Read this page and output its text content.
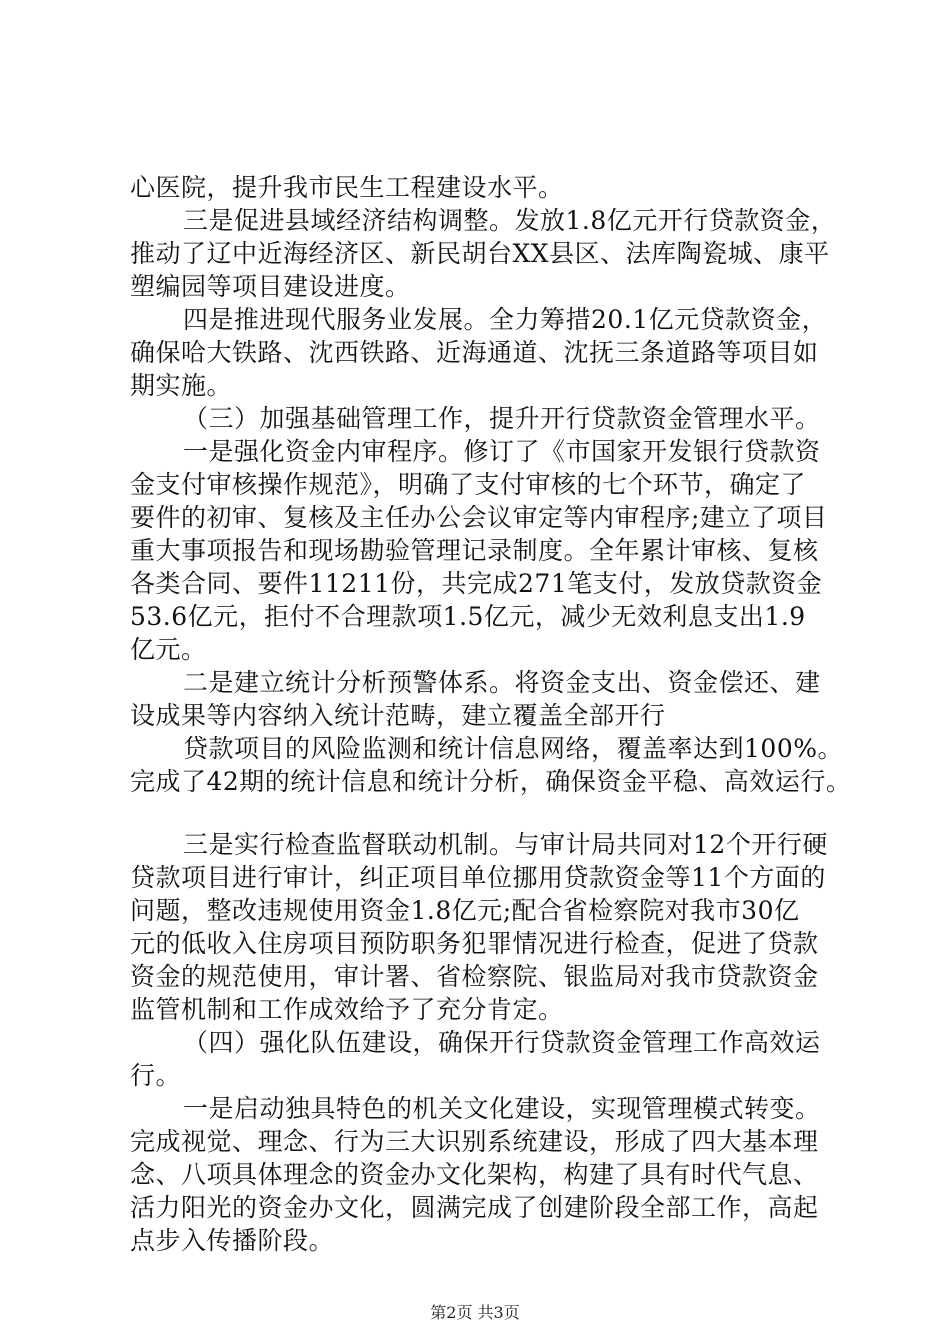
心医院，提升我市民生工程建设水平。
三是促进县域经济结构调整。发放1.8亿元开行贷款资金，
推动了辽中近海经济区、新民胡台XX县区、法库陶瓷城、康平
塑编园等项目建设进度。
四是推进现代服务业发展。全力筹措20.1亿元贷款资金，
确保哈大铁路、沈西铁路、近海通道、沈抚三条道路等项目如
期实施。
（三）加强基础管理工作，提升开行贷款资金管理水平。
一是强化资金内审程序。修订了《市国家开发银行贷款资
金支付审核操作规范》，明确了支付审核的七个环节，确定了
要件的初审、复核及主任办公会议审定等内审程序;建立了项目
重大事项报告和现场勘验管理记录制度。全年累计审核、复核
各类合同、要件11211份，共完成271笔支付，发放贷款资金
53.6亿元，拒付不合理款项1.5亿元，减少无效利息支出1.9
亿元。
二是建立统计分析预警体系。将资金支出、资金偿还、建
设成果等内容纳入统计范畴，建立覆盖全部开行
贷款项目的风险监测和统计信息网络，覆盖率达到100%。
完成了42期的统计信息和统计分析，确保资金平稳、高效运行。
三是实行检查监督联动机制。与审计局共同对12个开行硬
贷款项目进行审计，纠正项目单位挪用贷款资金等11个方面的
问题，整改违规使用资金1.8亿元;配合省检察院对我市30亿
元的低收入住房项目预防职务犯罪情况进行检查，促进了贷款
资金的规范使用，审计署、省检察院、银监局对我市贷款资金
监管机制和工作成效给予了充分肯定。
（四）强化队伍建设，确保开行贷款资金管理工作高效运
行。
一是启动独具特色的机关文化建设，实现管理模式转变。
完成视觉、理念、行为三大识别系统建设，形成了四大基本理
念、八项具体理念的资金办文化架构，构建了具有时代气息、
活力阳光的资金办文化，圆满完成了创建阶段全部工作，高起
点步入传播阶段。
第2页 共3页
